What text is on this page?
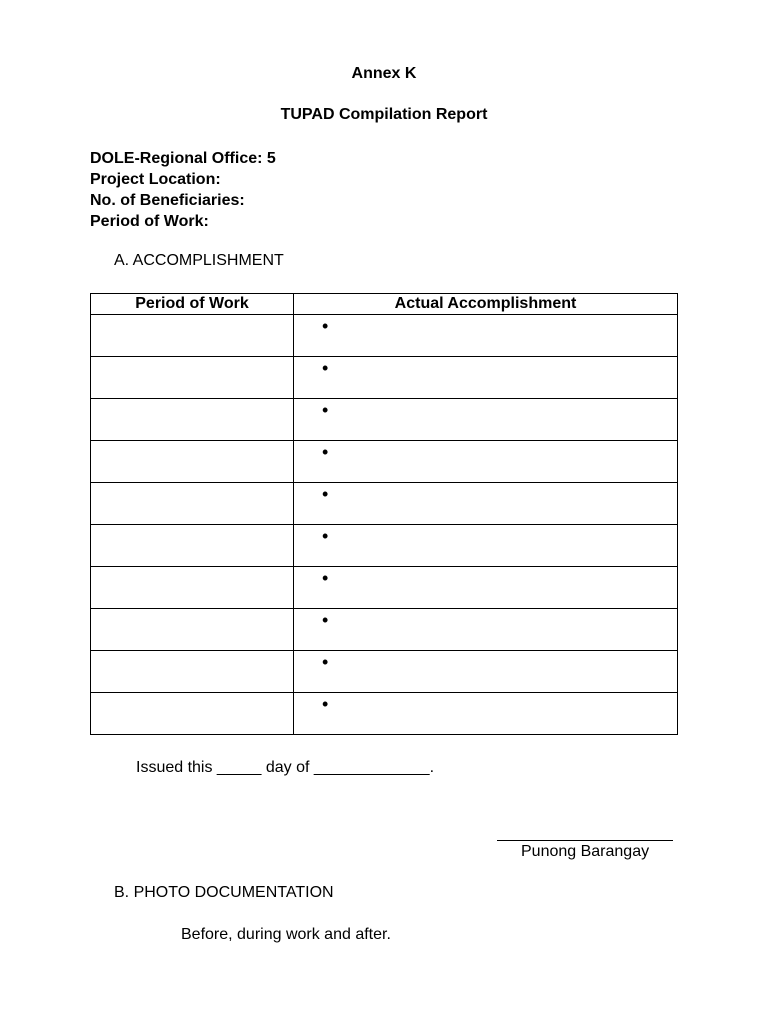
Annex K
TUPAD Compilation Report
DOLE-Regional Office: 5
Project Location:
No. of Beneficiaries:
Period of Work:
A. ACCOMPLISHMENT
Period of Work	Actual Accomplishment
	•
	•
	•
	•
	•
	•
	•
	•
	•
	•
Issued this _____ day of _____________.
Punong Barangay
B. PHOTO DOCUMENTATION
Before, during work and after.
